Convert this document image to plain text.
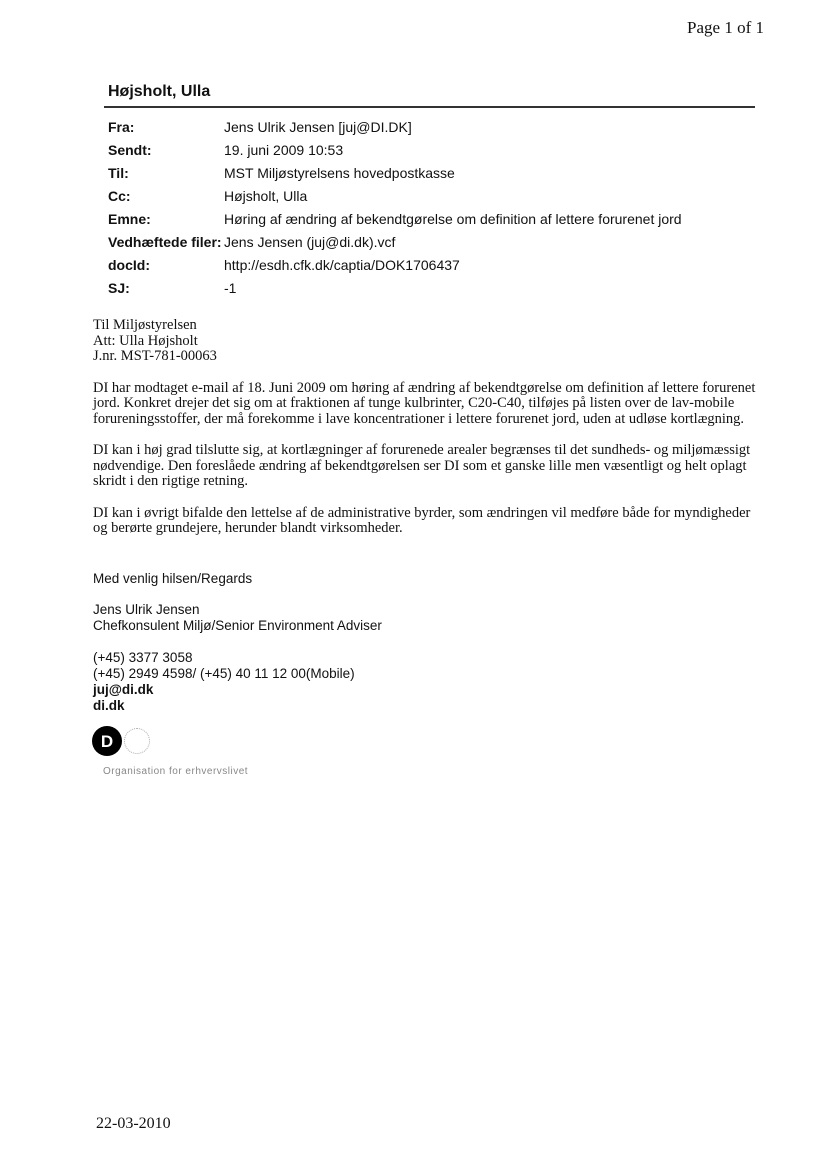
Page 1 of 1
Højsholt, Ulla
Fra:	Jens Ulrik Jensen [juj@DI.DK]
Sendt:	19. juni 2009 10:53
Til:	MST Miljøstyrelsens hovedpostkasse
Cc:	Højsholt, Ulla
Emne:	Høring af ændring af bekendtgørelse om definition af lettere forurenet jord
Vedhæftede filer:	Jens Jensen (juj@di.dk).vcf
docId:	http://esdh.cfk.dk/captia/DOK1706437
SJ:	-1

Til Miljøstyrelsen
Att: Ulla Højsholt
J.nr. MST-781-00063

DI har modtaget e-mail af 18. Juni 2009 om høring af ændring af bekendtgørelse om definition af lettere forurenet jord. Konkret drejer det sig om at fraktionen af tunge kulbrinter, C20-C40, tilføjes på listen over de lav-mobile forureningsstoffer, der må forekomme i lave koncentrationer i lettere forurenet jord, uden at udløse kortlægning.

DI kan i høj grad tilslutte sig, at kortlægninger af forurenede arealer begrænses til det sundheds- og miljømæssigt nødvendige. Den foreslåede ændring af bekendtgørelsen ser DI som et ganske lille men væsentligt og helt oplagt skridt i den rigtige retning.

DI kan i øvrigt bifalde den lettelse af de administrative byrder, som ændringen vil medføre både for myndigheder og berørte grundejere, herunder blandt virksomheder.

Med venlig hilsen/Regards
Jens Ulrik Jensen
Chefkonsulent Miljø/Senior Environment Adviser
(+45) 3377 3058
(+45) 2949 4598/ (+45) 40 11 12 00(Mobile)
juj@di.dk
di.dk
D
Organisation for erhvervslivet
22-03-2010
